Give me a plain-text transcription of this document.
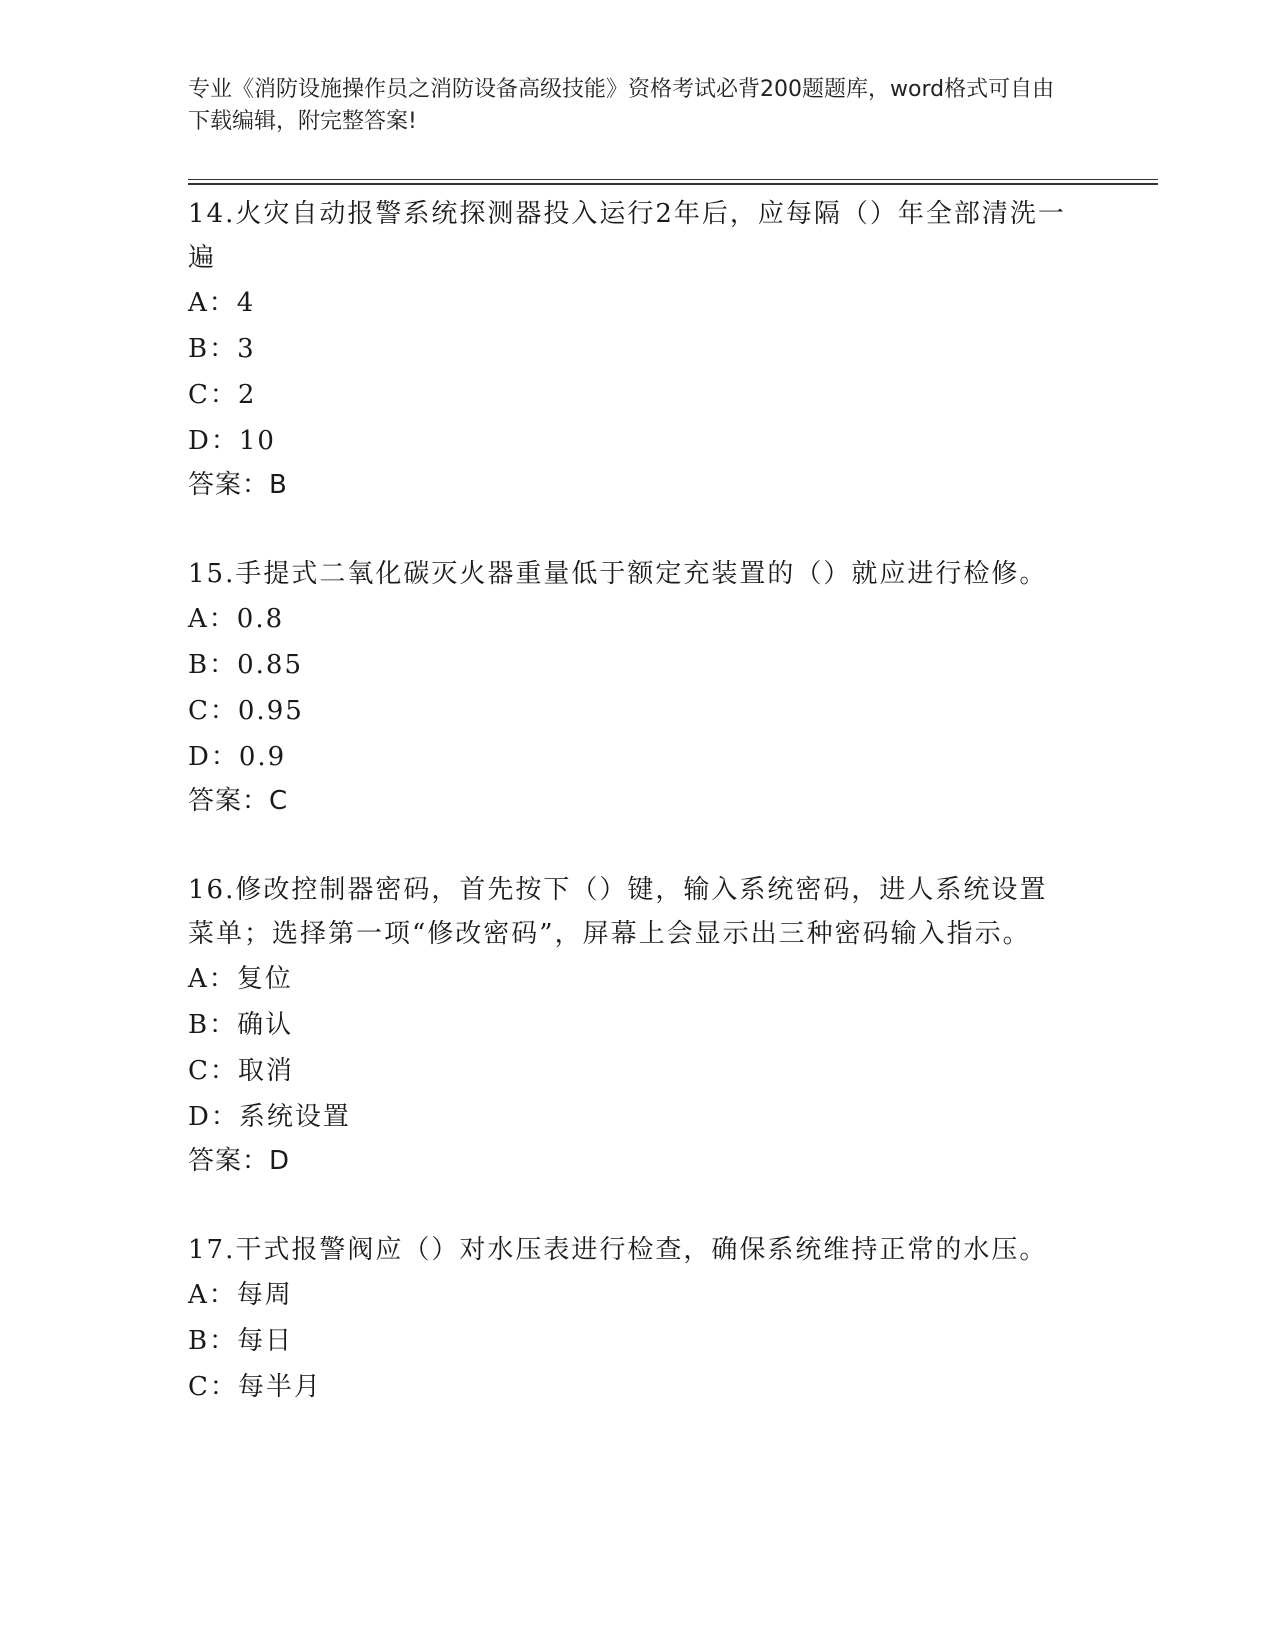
专业《消防设施操作员之消防设备高级技能》资格考试必背200题题库，word格式可自由下载编辑，附完整答案!

14.火灾自动报警系统探测器投入运行2年后，应每隔（）年全部清洗一遍

A：4

B：3

C：2

D：10

答案：B

15.手提式二氧化碳灭火器重量低于额定充装置的（）就应进行检修。

A：0.8

B：0.85

C：0.95

D：0.9

答案：C

16.修改控制器密码，首先按下（）键，输入系统密码，进人系统设置菜单；选择第一项“修改密码”，屏幕上会显示出三种密码输入指示。

A：复位

B：确认

C：取消

D：系统设置

答案：D

17.干式报警阀应（）对水压表进行检查，确保系统维持正常的水压。

A：每周

B：每日

C：每半月
